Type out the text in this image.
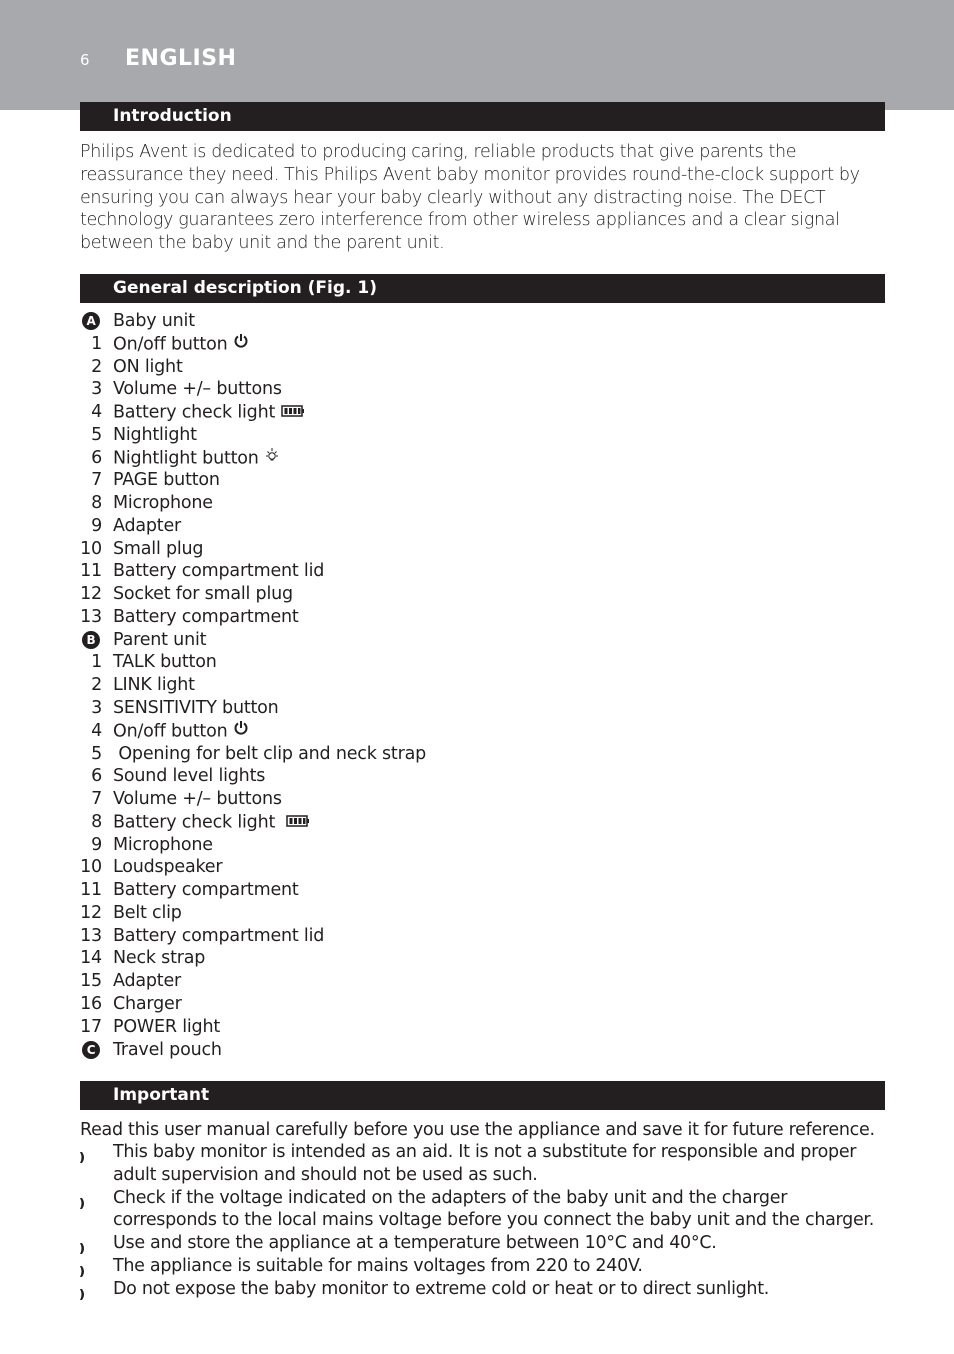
6 ENGLISH
Introduction

Philips Avent is dedicated to producing caring, reliable products that give parents the reassurance they need. This Philips Avent baby monitor provides round-the-clock support by ensuring you can always hear your baby clearly without any distracting noise. The DECT technology guarantees zero interference from other wireless appliances and a clear signal between the baby unit and the parent unit.

General description (Fig. 1)
A Baby unit
1 On/off button
2 ON light
3 Volume +/– buttons
4 Battery check light
5 Nightlight
6 Nightlight button
7 PAGE button
8 Microphone
9 Adapter
10 Small plug
11 Battery compartment lid
12 Socket for small plug
13 Battery compartment
B Parent unit
1 TALK button
2 LINK light
3 SENSITIVITY button
4 On/off button
5 Opening for belt clip and neck strap
6 Sound level lights
7 Volume +/– buttons
8 Battery check light
9 Microphone
10 Loudspeaker
11 Battery compartment
12 Belt clip
13 Battery compartment lid
14 Neck strap
15 Adapter
16 Charger
17 POWER light
C Travel pouch
Important

Read this user manual carefully before you use the appliance and save it for future reference.

This baby monitor is intended as an aid. It is not a substitute for responsible and proper adult supervision and should not be used as such.
Check if the voltage indicated on the adapters of the baby unit and the charger corresponds to the local mains voltage before you connect the baby unit and the charger.
Use and store the appliance at a temperature between 10°C and 40°C.
The appliance is suitable for mains voltages from 220 to 240V.
Do not expose the baby monitor to extreme cold or heat or to direct sunlight.
